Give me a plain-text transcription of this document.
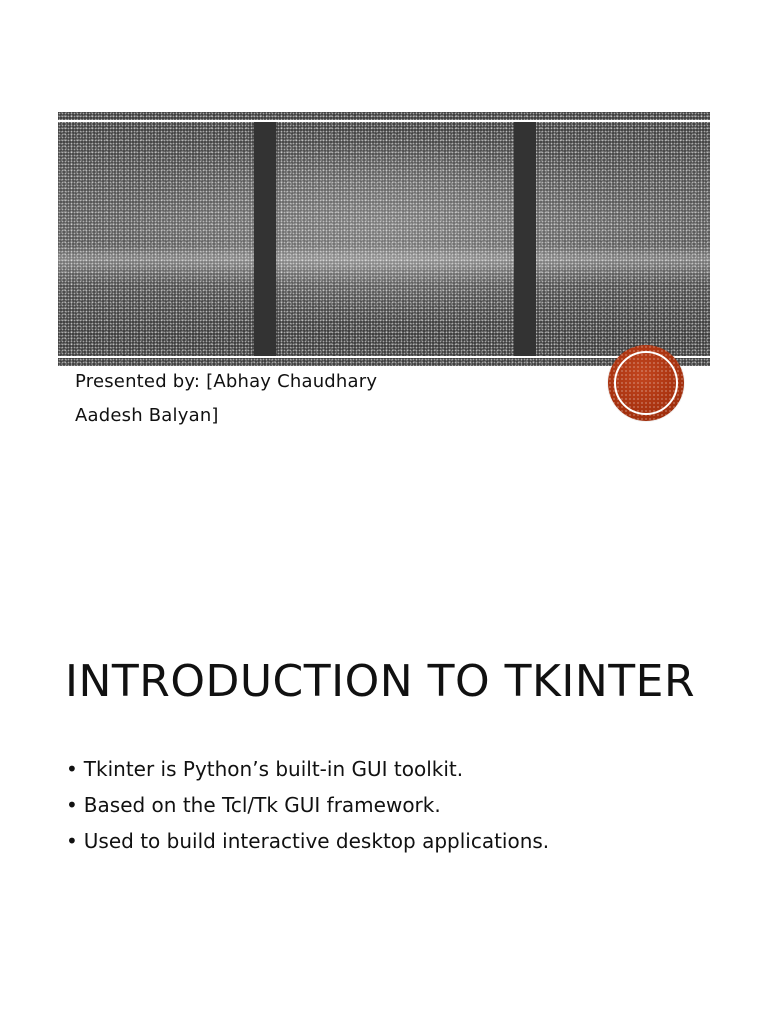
Presented by: [Abhay Chaudhary
Aadesh Balyan]
INTRODUCTION TO TKINTER
• Tkinter is Python’s built-in GUI toolkit.
• Based on the Tcl/Tk GUI framework.
• Used to build interactive desktop applications.
